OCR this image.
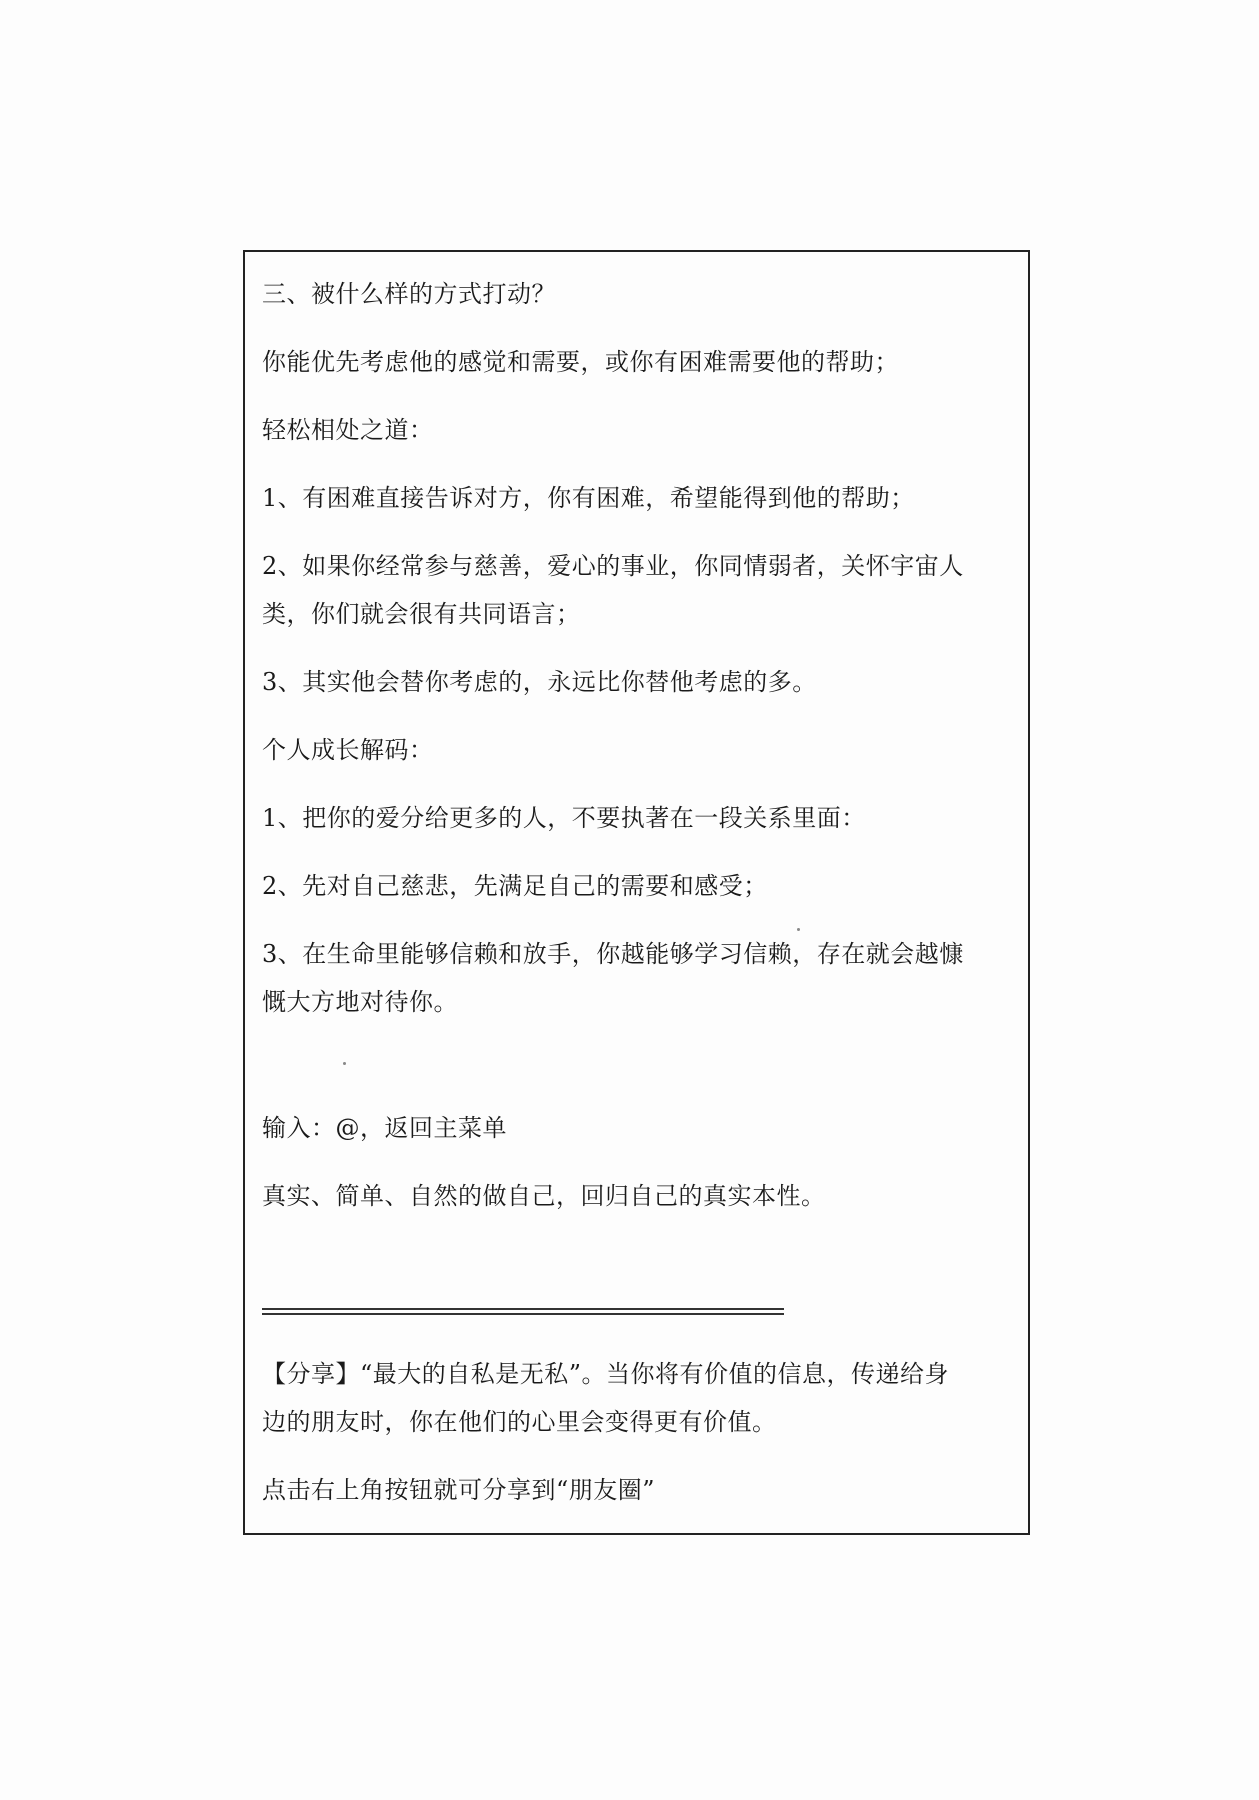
三、被什么样的方式打动？
你能优先考虑他的感觉和需要，或你有困难需要他的帮助；
轻松相处之道：
1、有困难直接告诉对方，你有困难，希望能得到他的帮助；
2、如果你经常参与慈善，爱心的事业，你同情弱者，关怀宇宙人
类，你们就会很有共同语言；
3、其实他会替你考虑的，永远比你替他考虑的多。
个人成长解码：
1、把你的爱分给更多的人，不要执著在一段关系里面：
2、先对自己慈悲，先满足自己的需要和感受；
3、在生命里能够信赖和放手，你越能够学习信赖，存在就会越慷
慨大方地对待你。
输入：@，返回主菜单
真实、简单、自然的做自己，回归自己的真实本性。
【分享】“最大的自私是无私”。当你将有价值的信息，传递给身
边的朋友时，你在他们的心里会变得更有价值。
点击右上角按钮就可分享到“朋友圈”
